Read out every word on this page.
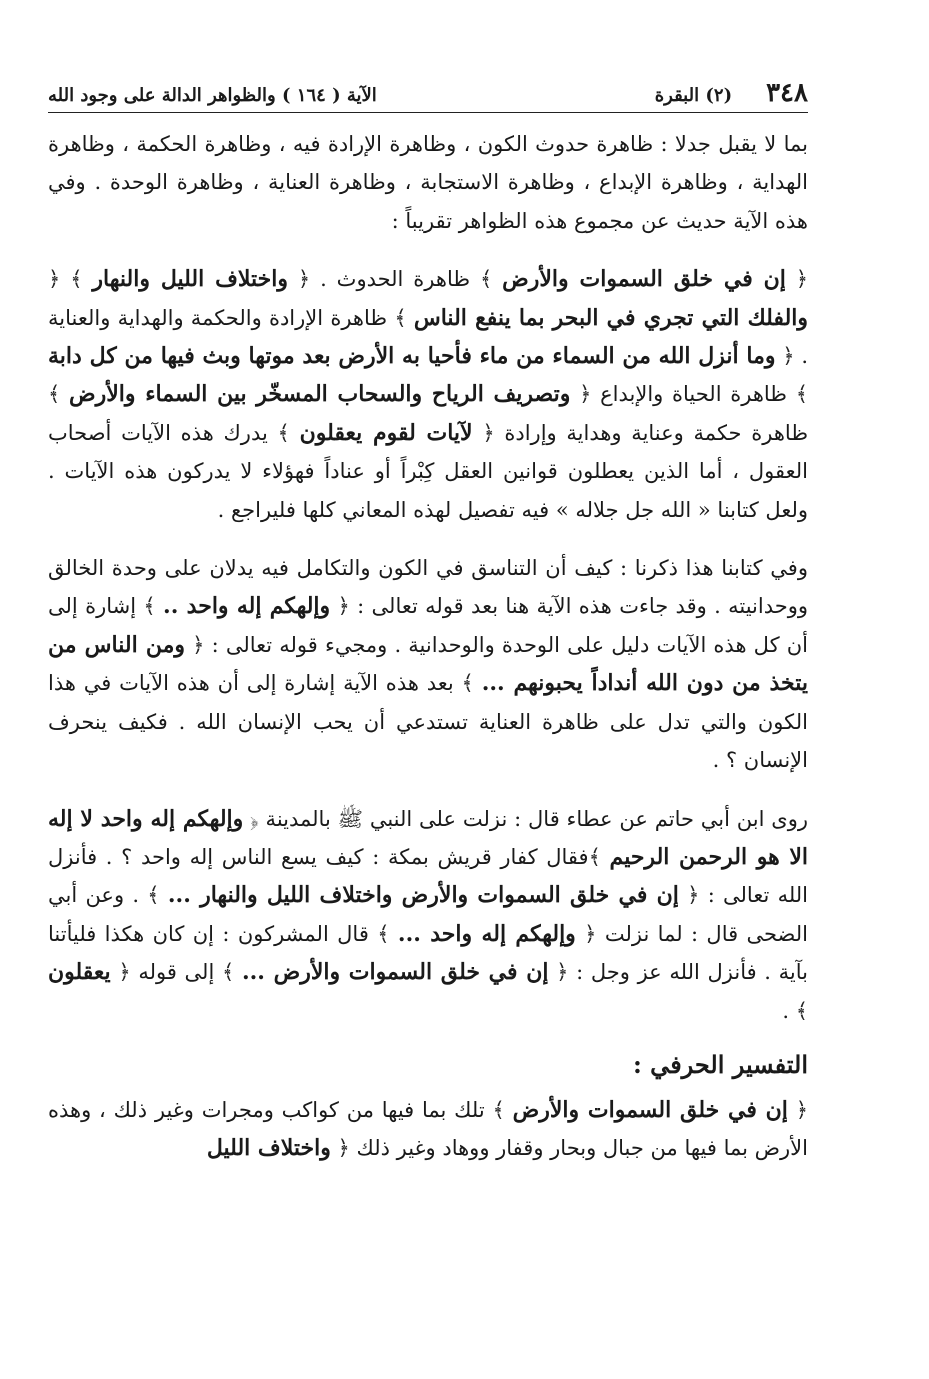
٣٤٨
(٢) البقرة
الآية ( ١٦٤ ) والظواهر الدالة على وجود الله

بما لا يقبل جدلا : ظاهرة حدوث الكون ، وظاهرة الإرادة فيه ، وظاهرة الحكمة ، وظاهرة الهداية ، وظاهرة الإبداع ، وظاهرة الاستجابة ، وظاهرة العناية ، وظاهرة الوحدة . وفي هذه الآية حديث عن مجموع هذه الظواهر تقريباً :

﴿ إن في خلق السموات والأرض ﴾ ظاهرة الحدوث . ﴿ واختلاف الليل والنهار ﴾ ﴿ والفلك التي تجري في البحر بما ينفع الناس ﴾ ظاهرة الإرادة والحكمة والهداية والعناية . ﴿ وما أنزل الله من السماء من ماء فأحيا به الأرض بعد موتها وبث فيها من كل دابة ﴾ ظاهرة الحياة والإبداع ﴿ وتصريف الرياح والسحاب المسخّر بين السماء والأرض ﴾ ظاهرة حكمة وعناية وهداية وإرادة ﴿ لآيات لقوم يعقلون ﴾ يدرك هذه الآيات أصحاب العقول ، أما الذين يعطلون قوانين العقل كِبْراً أو عناداً فهؤلاء لا يدركون هذه الآيات . ولعل كتابنا « الله جل جلاله » فيه تفصيل لهذه المعاني كلها فليراجع .

وفي كتابنا هذا ذكرنا : كيف أن التناسق في الكون والتكامل فيه يدلان على وحدة الخالق ووحدانيته . وقد جاءت هذه الآية هنا بعد قوله تعالى : ﴿ وإلهكم إله واحد .. ﴾ إشارة إلى أن كل هذه الآيات دليل على الوحدة والوحدانية . ومجيء قوله تعالى : ﴿ ومن الناس من يتخذ من دون الله أنداداً يحبونهم ... ﴾ بعد هذه الآية إشارة إلى أن هذه الآيات في هذا الكون والتي تدل على ظاهرة العناية تستدعي أن يحب الإنسان الله . فكيف ينحرف الإنسان ؟ .

روى ابن أبي حاتم عن عطاء قال : نزلت على النبي ﷺ بالمدينة ﴿ وإلهكم إله واحد لا إله الا هو الرحمن الرحيم ﴾فقال كفار قريش بمكة : كيف يسع الناس إله واحد ؟ . فأنزل الله تعالى : ﴿ إن في خلق السموات والأرض واختلاف الليل والنهار ... ﴾ . وعن أبي الضحى قال : لما نزلت ﴿ وإلهكم إله واحد ... ﴾ قال المشركون : إن كان هكذا فليأتنا بآية . فأنزل الله عز وجل : ﴿ إن في خلق السموات والأرض ... ﴾ إلى قوله ﴿ يعقلون ﴾ .

التفسير الحرفي :

﴿ إن في خلق السموات والأرض ﴾ تلك بما فيها من كواكب ومجرات وغير ذلك ، وهذه الأرض بما فيها من جبال وبحار وقفار ووهاد وغير ذلك ﴿ واختلاف الليل
